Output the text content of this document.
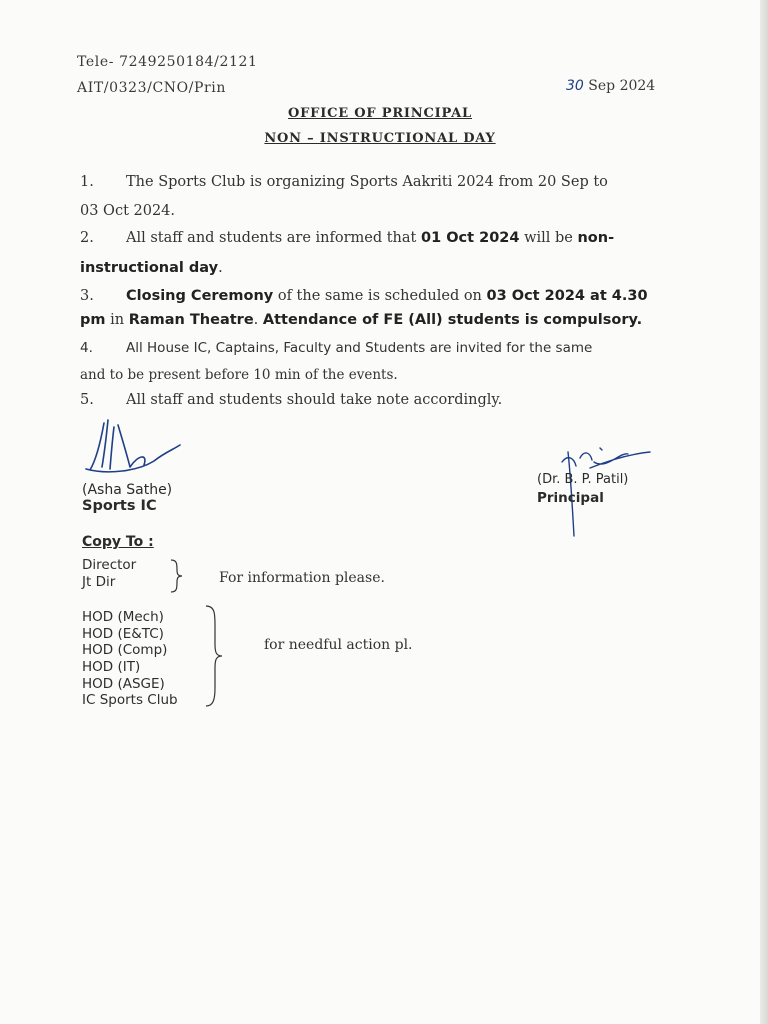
Tele- 7249250184/2121
AIT/0323/CNO/Prin	30 Sep 2024
OFFICE OF PRINCIPAL
NON – INSTRUCTIONAL DAY
1. The Sports Club is organizing Sports Aakriti 2024 from 20 Sep to
03 Oct 2024.
2. All staff and students are informed that 01 Oct 2024 will be non-
instructional day.
3. Closing Ceremony of the same is scheduled on 03 Oct 2024 at 4.30
pm in Raman Theatre. Attendance of FE (All) students is compulsory.
4. All House IC, Captains, Faculty and Students are invited for the same
and to be present before 10 min of the events.
5. All staff and students should take note accordingly.
(Asha Sathe)
Sports IC
(Dr. B. P. Patil)
Principal
Copy To :
Director
Jt Dir	For information please.
HOD (Mech)
HOD (E&TC)
HOD (Comp)
HOD (IT)
HOD (ASGE)
IC Sports Club
for needful action pl.
